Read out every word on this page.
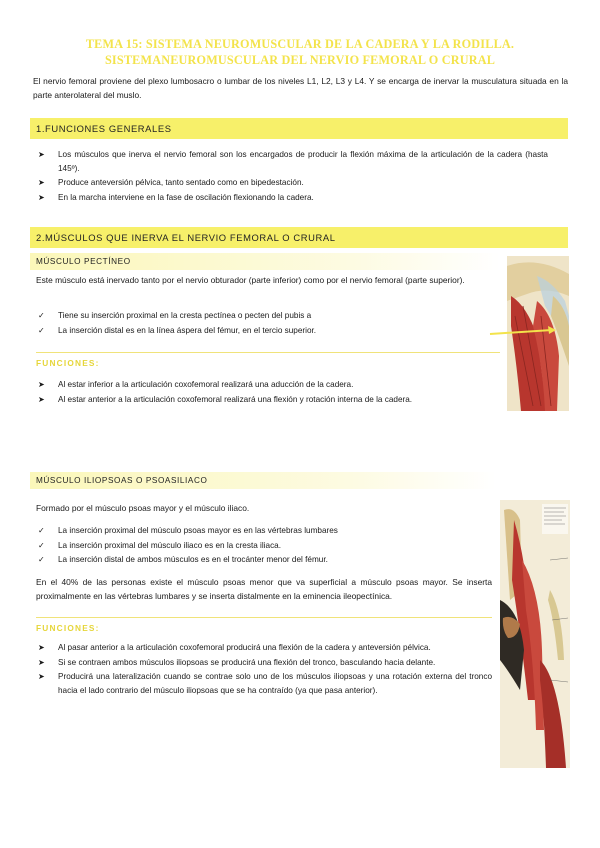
TEMA 15: SISTEMA NEUROMUSCULAR DE LA CADERA Y LA RODILLA.
SISTEMANEUROMUSCULAR DEL NERVIO FEMORAL O CRURAL

El nervio femoral proviene del plexo lumbosacro o lumbar de los niveles L1, L2, L3 y L4. Y se encarga de inervar la musculatura situada en la parte anterolateral del muslo.

1.FUNCIONES GENERALES
➤ Los músculos que inerva el nervio femoral son los encargados de producir la flexión máxima de la articulación de la cadera (hasta 145º).
➤ Produce anteversión pélvica, tanto sentado como en bipedestación.
➤ En la marcha interviene en la fase de oscilación flexionando la cadera.
2.MÚSCULOS QUE INERVA EL NERVIO FEMORAL O CRURAL
MÚSCULO PECTÍNEO

Este músculo está inervado tanto por el nervio obturador (parte inferior) como por el nervio femoral (parte superior).

✓ Tiene su inserción proximal en la cresta pectínea o pecten del pubis a
✓ La inserción distal es en la línea áspera del fémur, en el tercio superior.
FUNCIONES:
➤ Al estar inferior a la articulación coxofemoral realizará una aducción de la cadera.
➤ Al estar anterior a la articulación coxofemoral realizará una flexión y rotación interna de la cadera.
MÚSCULO ILIOPSOAS O PSOASILIACO

Formado por el músculo psoas mayor y el músculo iliaco.

✓ La inserción proximal del músculo psoas mayor es en las vértebras lumbares
✓ La inserción proximal del músculo iliaco es en la cresta iliaca.
✓ La inserción distal de ambos músculos es en el trocánter menor del fémur.

En el 40% de las personas existe el músculo psoas menor que va superficial a músculo psoas mayor. Se inserta proximalmente en las vértebras lumbares y se inserta distalmente en la eminencia ileopectínica.

FUNCIONES:
➤ Al pasar anterior a la articulación coxofemoral producirá una flexión de la cadera y anteversión pélvica.
➤ Si se contraen ambos músculos iliopsoas se producirá una flexión del tronco, basculando hacia delante.
➤ Producirá una lateralización cuando se contrae solo uno de los músculos iliopsoas y una rotación externa del tronco hacia el lado contrario del músculo iliopsoas que se ha contraído (ya que pasa anterior).
